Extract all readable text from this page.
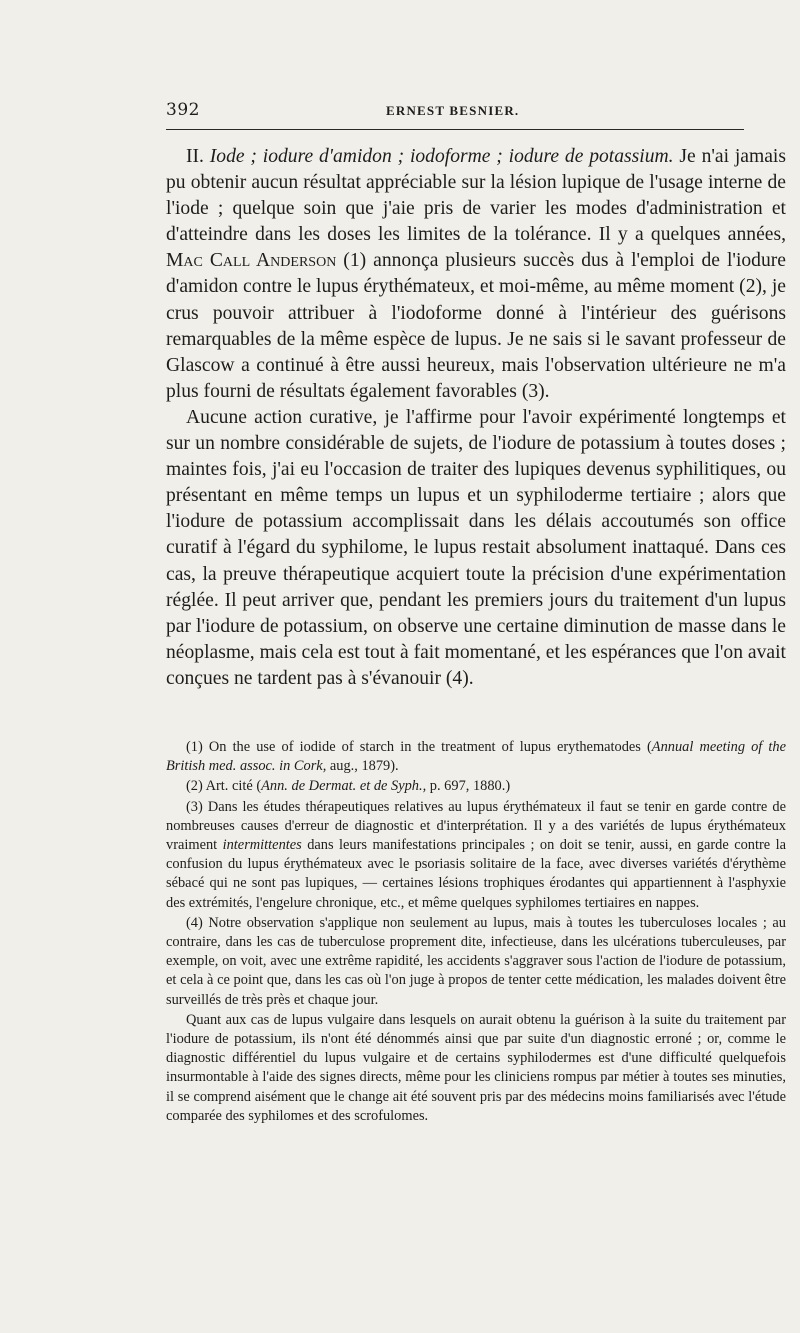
392	ERNEST BESNIER.

II. Iode ; iodure d'amidon ; iodoforme ; iodure de potassium. Je n'ai jamais pu obtenir aucun résultat appréciable sur la lésion lupique de l'usage interne de l'iode ; quelque soin que j'aie pris de varier les modes d'administration et d'atteindre dans les doses les limites de la tolérance. Il y a quelques années, Mac Call Anderson (1) annonça plusieurs succès dus à l'emploi de l'iodure d'amidon contre le lupus érythémateux, et moi-même, au même moment (2), je crus pouvoir attribuer à l'iodoforme donné à l'intérieur des guérisons remarquables de la même espèce de lupus. Je ne sais si le savant professeur de Glascow a continué à être aussi heureux, mais l'observation ultérieure ne m'a plus fourni de résultats également favorables (3).

Aucune action curative, je l'affirme pour l'avoir expérimenté longtemps et sur un nombre considérable de sujets, de l'iodure de potassium à toutes doses ; maintes fois, j'ai eu l'occasion de traiter des lupiques devenus syphilitiques, ou présentant en même temps un lupus et un syphiloderme tertiaire ; alors que l'iodure de potassium accomplissait dans les délais accoutumés son office curatif à l'égard du syphilome, le lupus restait absolument inattaqué. Dans ces cas, la preuve thérapeutique acquiert toute la précision d'une expérimentation réglée. Il peut arriver que, pendant les premiers jours du traitement d'un lupus par l'iodure de potassium, on observe une certaine diminution de masse dans le néoplasme, mais cela est tout à fait momentané, et les espérances que l'on avait conçues ne tardent pas à s'évanouir (4).

(1) On the use of iodide of starch in the treatment of lupus erythematodes (Annual meeting of the British med. assoc. in Cork, aug., 1879).

(2) Art. cité (Ann. de Dermat. et de Syph., p. 697, 1880.)

(3) Dans les études thérapeutiques relatives au lupus érythémateux il faut se tenir en garde contre de nombreuses causes d'erreur de diagnostic et d'interprétation. Il y a des variétés de lupus érythémateux vraiment intermittentes dans leurs manifestations principales ; on doit se tenir, aussi, en garde contre la confusion du lupus érythémateux avec le psoriasis solitaire de la face, avec diverses variétés d'érythème sébacé qui ne sont pas lupiques, — certaines lésions trophiques érodantes qui appartiennent à l'asphyxie des extrémités, l'engelure chronique, etc., et même quelques syphilomes tertiaires en nappes.

(4) Notre observation s'applique non seulement au lupus, mais à toutes les tuberculoses locales ; au contraire, dans les cas de tuberculose proprement dite, infectieuse, dans les ulcérations tuberculeuses, par exemple, on voit, avec une extrême rapidité, les accidents s'aggraver sous l'action de l'iodure de potassium, et cela à ce point que, dans les cas où l'on juge à propos de tenter cette médication, les malades doivent être surveillés de très près et chaque jour.

Quant aux cas de lupus vulgaire dans lesquels on aurait obtenu la guérison à la suite du traitement par l'iodure de potassium, ils n'ont été dénommés ainsi que par suite d'un diagnostic erroné ; or, comme le diagnostic différentiel du lupus vulgaire et de certains syphilodermes est d'une difficulté quelquefois insurmontable à l'aide des signes directs, même pour les cliniciens rompus par métier à toutes ses minuties, il se comprend aisément que le change ait été souvent pris par des médecins moins familiarisés avec l'étude comparée des syphilomes et des scrofulomes.
